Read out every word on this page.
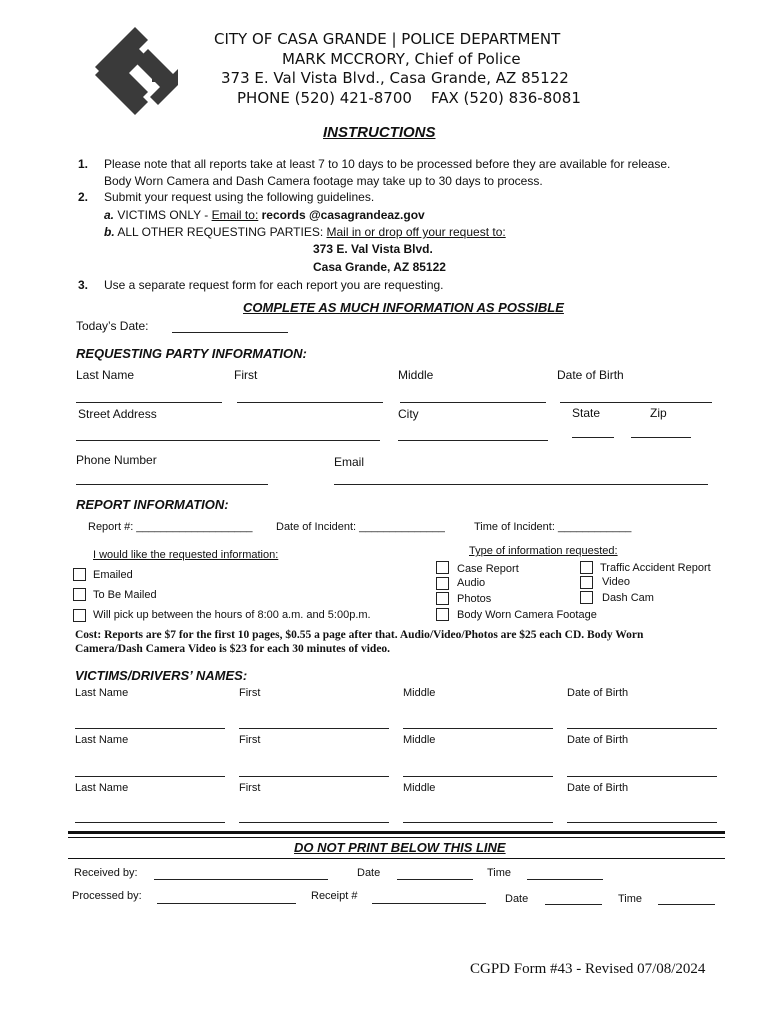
CITY OF CASA GRANDE | POLICE DEPARTMENT
MARK MCCRORY, Chief of Police
373 E. Val Vista Blvd., Casa Grande, AZ 85122
PHONE (520) 421-8700    FAX (520) 836-8081
INSTRUCTIONS
1. Please note that all reports take at least 7 to 10 days to be processed before they are available for release.
Body Worn Camera and Dash Camera footage may take up to 30 days to process.
2. Submit your request using the following guidelines.
a. VICTIMS ONLY - Email to: records @casagrandeaz.gov
b. ALL OTHER REQUESTING PARTIES: Mail in or drop off your request to:
373 E. Val Vista Blvd.
Casa Grande, AZ 85122
3. Use a separate request form for each report you are requesting.
COMPLETE AS MUCH INFORMATION AS POSSIBLE
Today’s Date:
REQUESTING PARTY INFORMATION:
Last Name	First	Middle	Date of Birth
Street Address	City	State	Zip
Phone Number	Email
REPORT INFORMATION:
Report #: ___________________ Date of Incident: ______________	Time of Incident: ____________
I would like the requested information:	Type of information requested:
Emailed
To Be Mailed
Will pick up between the hours of 8:00 a.m. and 5:00p.m.
Case Report
Audio
Photos
Body Worn Camera Footage
Traffic Accident Report
Video
Dash Cam
Cost: Reports are $7 for the first 10 pages, $0.55 a page after that. Audio/Video/Photos are $25 each CD. Body Worn
Camera/Dash Camera Video is $23 for each 30 minutes of video.
VICTIMS/DRIVERS’ NAMES:
Last Name	First	Middle	Date of Birth
Last Name	First	Middle	Date of Birth
Last Name	First	Middle	Date of Birth
DO NOT PRINT BELOW THIS LINE
Received by:	Date	Time
Processed by:	Receipt #	Date	Time
CGPD Form #43 - Revised 07/08/2024
